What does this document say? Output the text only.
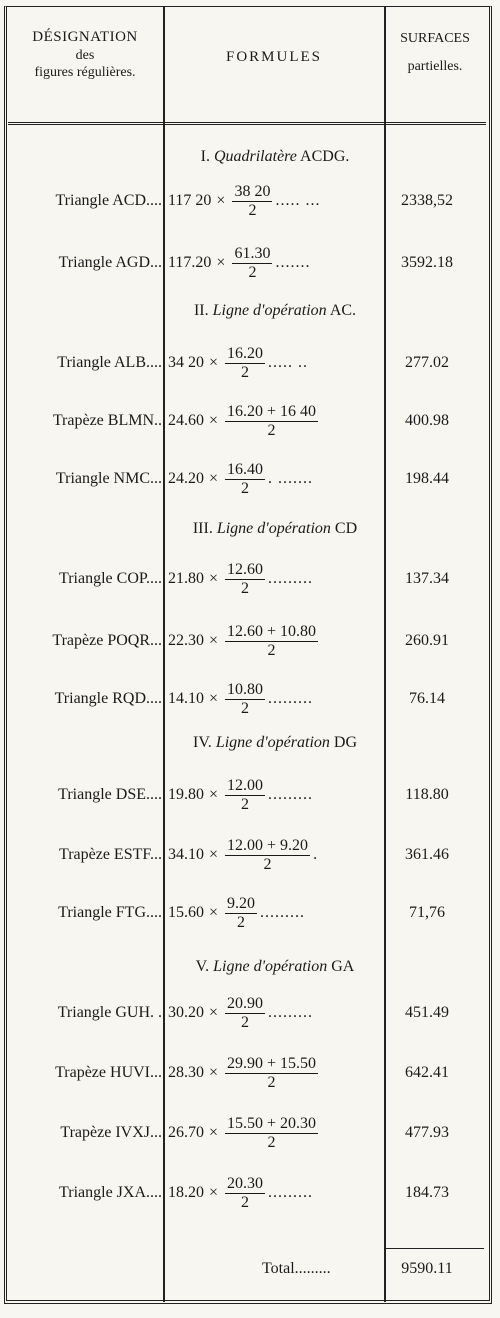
DÉSIGNATION
des
figures régulières.
FORMULES
SURFACES
partielles.
I. Quadrilatère ACDG.
II. Ligne d'opération AC.
III. Ligne d'opération CD
IV. Ligne d'opération DG
V. Ligne d'opération GA
Triangle ACD.... 117 $20 \times \frac{38 20}{2}$ ..... ...	2338,52
Triangle AGD... $117.20 \times \frac{61.30}{2}$ .......	3592.18
Triangle ALB.... 34 $20 \times \frac{16.20}{2}$ ..... ..	277.02
Trapèze BLMN.. $24.60 \times \frac{16.20 + 16 40}{2}$	400.98
Triangle NMC... $24.20 \times \frac{16.40}{2}$ . .......	198.44
Triangle COP.... $21.80 \times \frac{12.60}{2}$ .........	137.34
Trapèze POQR... $22.30 \times \frac{12.60 + 10.80}{2}$	260.91
Triangle RQD.... $14.10 \times \frac{10.80}{2}$ .........	76.14
Triangle DSE.... $19.80 \times \frac{12.00}{2}$ .........	118.80
Trapèze ESTF... $34.10 \times \frac{12.00 + 9.20}{2}$ .	361.46
Triangle FTG.... $15.60 \times \frac{9.20}{2}$ .........	71,76
Triangle GUH. . $30.20 \times \frac{20.90}{2}$ .........	451.49
Trapèze HUVI... $28.30 \times \frac{29.90 + 15.50}{2}$	642.41
Trapèze IVXJ... $26.70 \times \frac{15.50 + 20.30}{2}$	477.93
Triangle JXA.... $18.20 \times \frac{20.30}{2}$ .........	184.73
Total.........	9590.11
